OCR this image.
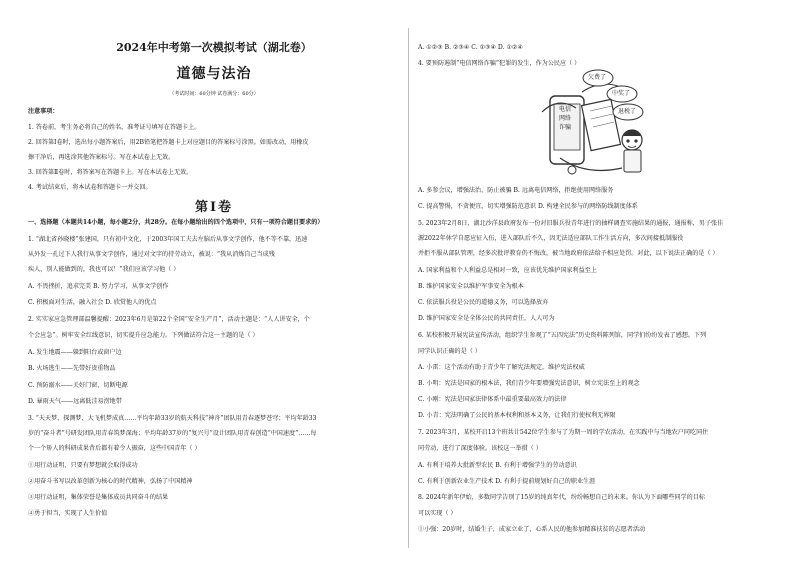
2024年中考第一次模拟考试（湖北卷）
道德与法治
（考试时间：60分钟 试卷满分：60分）
注意事项：
1. 答卷前，考生务必将自己的姓名、准考证号填写在答题卡上。
2. 回答第Ⅰ卷时，选出每小题答案后，用2B铅笔把答题卡上对应题目的答案标号涂黑。如需改动，用橡皮
擦干净后，再选涂其他答案标号。写在本试卷上无效。
3. 回答第Ⅱ卷时，将答案写在答题卡上。写在本试卷上无效。
4. 考试结束后，将本试卷和答题卡一并交回。
第Ⅰ卷
一、选择题（本题共14小题，每小题2分，共28分。在每小题给出的四个选项中，只有一项符合题目要求的）
1. “湖北省孙晓楼”张建国，只有初中文化，于2003年国工夫去左脑后从事文学创作，他不等不靠，迅速
从外发一孔过下人我行从事文学创作，通过对文字的持劳动立，被说：“我从消炼自己当成残
疾人，别人能做到的，我也可以！”我们应该学习他（ ）
A. 不畏挫折，追求完美 B. 努力学习，从事文学创作
C. 积极面对生活，融入社会 D. 欣赏他人的优点
2. 实实家应急管理部温馨提醒：2023年6月是第22个全国“安全生产月”，活动主题是：“人人讲安全，个
个会应急”。树牢安全红线意识，切实提升应急能力。下列做法符合这一主题的是（ ）
A. 发生地震——躲到阳台或窗户边
B. 火场逃生——先带好贵重物品
C. 预防溺水——关好门窗，切断电源
D. 暴雨天气——远离低洼易涝地带
3. “天天梦、探测梦、大飞机梦成真……平均年龄33岁的航天科技“神舟”团队用青春逐梦苍穹；平均年龄33
岁的“奋斗者”号研发团队用青春筑梦深海；平均年龄37岁的“复兴号”设计团队用青春创造“中国速度”……每
个一个矫人的科研成果背后都有着令人振奋，这些中国青年（ ）
①用行动证明，只要有梦想就会取得成功
②用奋斗书写以改革创新为核心的时代精神，弘扬了中国精神
③用行动证明，集体荣誉是集体成员共同奋斗的结果
④勇于担当，实现了人生价值
A. ①②③ B. ②③④ C. ①③④ D. ①②④
4. 要预防遏制“电信网络诈骗”犯罪的发生，作为公民应（ ）
欠费了
中奖了
退税了
电信
网络
诈骗
A. 多参会议，增强法治，防止被骗 B. 远离电信网络，拒绝使用网络服务
C. 提高警惕，不贪便宜，切实增强防范意识 D. 构建全民参与的网络防线制度体系
5. 2023年2月8日，湖北沙洋县政府发布一份对旧服兵役青年进行的抽样调查实施结果的通报，通报称，男子张佳
源2022年休学自愿应征入伍，进入部队后不久，因无法适应部队工作生活方向，多次间接抵制服役
并拒不服从部队管理，经多次批评教育仍不悔改，被当地政府依法给予相应处罚。对此，以下说法正确的是（ ）
A. 国家利益和个人利益总是相对一致，应该优先维护国家利益至上
B. 维护国家安全以维护军事安全为根本
C. 依法服兵役是公民的道德义务，可以选择放弃
D. 维护国家安全是全体公民的共同责任，人人可为
6. 某校积极开展宪法宣传活动，组织学生参观了“五四宪法”历史资料陈列馆，同学们纷纷发表了感想。下列
同学认识正确的是（ ）
A. 小雷：这个活动有助于青少年了解宪法规定，维护宪法权威
B. 小明：宪法是国家的根本法，我们青少年要增强宪法意识，树立宪法至上的观念
C. 小刚：宪法是国家法律体系中最重要最高效力的法律
D. 小青：宪法明确了公民的基本权利和基本义务，让我们行使权利无界限
7. 2023年3月，某校开启13个班共计542位学生参与了为期一周的学农活动，在实践中与当地农户同吃同住
同劳动，进行了深度体验。该校这一举措（ ）
A. 有利于培养大批新型农民 B. 有利于增强学生的劳动意识
C. 有利于创新农业生产技术 D. 有利于提前规划好自己的职业生涯
8. 2024年新年伊始，多数同学告别了15岁的纯真年代，纷纷畅想自己的未来。你认为下面哪些同学的目标
可以实现（ ）
①小强：20岁时，结婚生子，成家立业了，心系人民的他参加精准扶贫的志愿者活动
